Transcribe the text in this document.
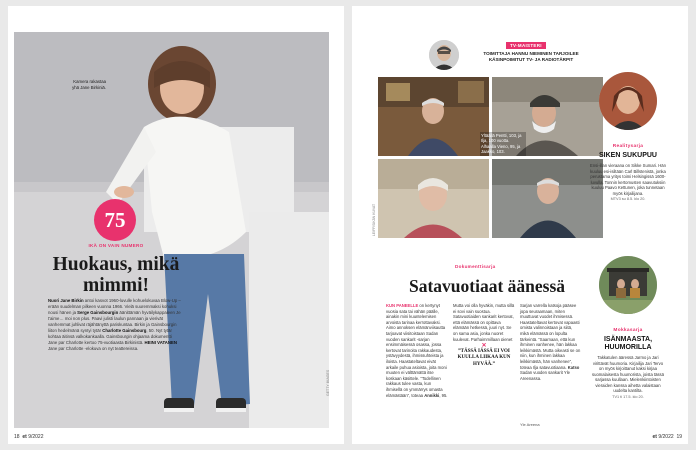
Kamera rakastaa yhä Jane Birkiniä.
GETTY IMAGES
75
IKÄ ON VAIN NUMERO
Huokaus, mikä mimmi!
Nuori Jane Birkin antoi kasvot 1960-luvulle kohuelokuvaa Blow-Up – erään suudelman pilkeen vuonna 1966. Vielä suuremmaksi kohuksi nousi hänen ja Serge Gainsbourgin äänittämän hyväilykappaleen Je t'aime… moi non plus. Paavi julisti laulun pannaan ja vierivät vanhemmat juhlivat räjähtänyttä pariskuntaa. Birkin ja Gainsbourgin liiton hedelmänä syntyi tytär Charlotte Gainsbourg, 50. Nyt tytär kohtaa äitinsä valkokankaalla. Gainsbourgin ohjaama dokumentti Jane par Charlotte kertoo 75-vuotiaasta Birkinistä. HEINI VATANEN
Jane par Charlotte -elokuva on nyt teattereissa.
18 et 9/2022
TV-MAISTERI
TOIMITTAJA HANNU NIEMINEN TARJOILEE KÄSINPOIMITUT TV- JA RADIOTÄRPIT
Yltäällä Pentti, 103, ja Ilja, 100 vuotta. Alhaalla Vieno, 95, ja Jaakko, 103.
LEIFFISIKÄN KUVAT
Dokumenttisarja
Satavuotiaat äänessä
KUN PANEELLE on kertynyt vuosia sata tai vähän päälle, ainakin mini kuuntelemisen arvoista tarinaa kerrottavaksi. Aimo annoksen elämänviisautta tarjoavat viisitoistaan Sadan vuoden sankarit -sarjan ensimmäisessä osassa, jossa kertovat tarinoita rakkaudesta, ystävyydestä, ihmissuhteista ja iloista. Haastateltavat eivät arkaile puhua asioista, joita moni muuten ei välttämättä itse koskaan käsittele. ”Todellinen rakkaus tulee vasta, kun ihmisellä on ymmärrys omasta elämästään”, toteaa Annikki, 95.
Mutta voi olla hyväkin, mutta sillä ei sovi vain suostua. Satavuotiaiden sankarit kertovat, että elämässä on opittava elämään hetkessä, juuri nyt. Se on sama asia, jonka nuoret kuulevat. Parhaimmillaan pienet
✕
”TÄSSÄ IÄSSÄ EI VOI KUULLA LIIKAA KUN HYVÄÄ.”
Sarjan varrella katsoja pääsee jopa seuraamaan, miten muuttuvat vuodet ihmisessä. Haastateltavat kertovat vapaasti omista valinnoistaan ja siitä, mikä elämässä on lopulta tärkeintä. ”Saarnaan, että kun ihminen vanhenee, hän lakkaa leikkimästä. Mutta oikeasti se on niin, kun ihminen lakkaa leikkimästä, hän vanhenee”, toteaa Ilja satavuotiaana. Katso Sadan vuoden sankarit Yle Areenassa.
Yle Areena
Realitysarja
SIKEN SUKUPUU
Ensi-illan vieraana on Sikke Sumari. Hän kuuluu esi-isiltään Carl Billstenistä, jonka perustama yritys toimi Helsingissä 1600-luvulla. Tonnin kertomusten saavutuksiin kuuluu Paavo Kettunen, joka tunnetaan myös kirjailijana.
MTV3 su 8.5. klo 20.
Mokkasarja
ISÄNMAASTA, HUUMORILLA
Takkatulen ääressä Jarmo ja Jari virittävät huumoria. Kirjailija Jari Tervo on myös kirjoittanut kaksi kirjaa suomalaisesta huumorista, joista tässä sarjassa kuullaan. Mielenkiintoisten vieraiden kanssa aihetta valaistaan uudelta kantilta.
TV1 ti 17.5. klo 20.
et 9/2022 19
